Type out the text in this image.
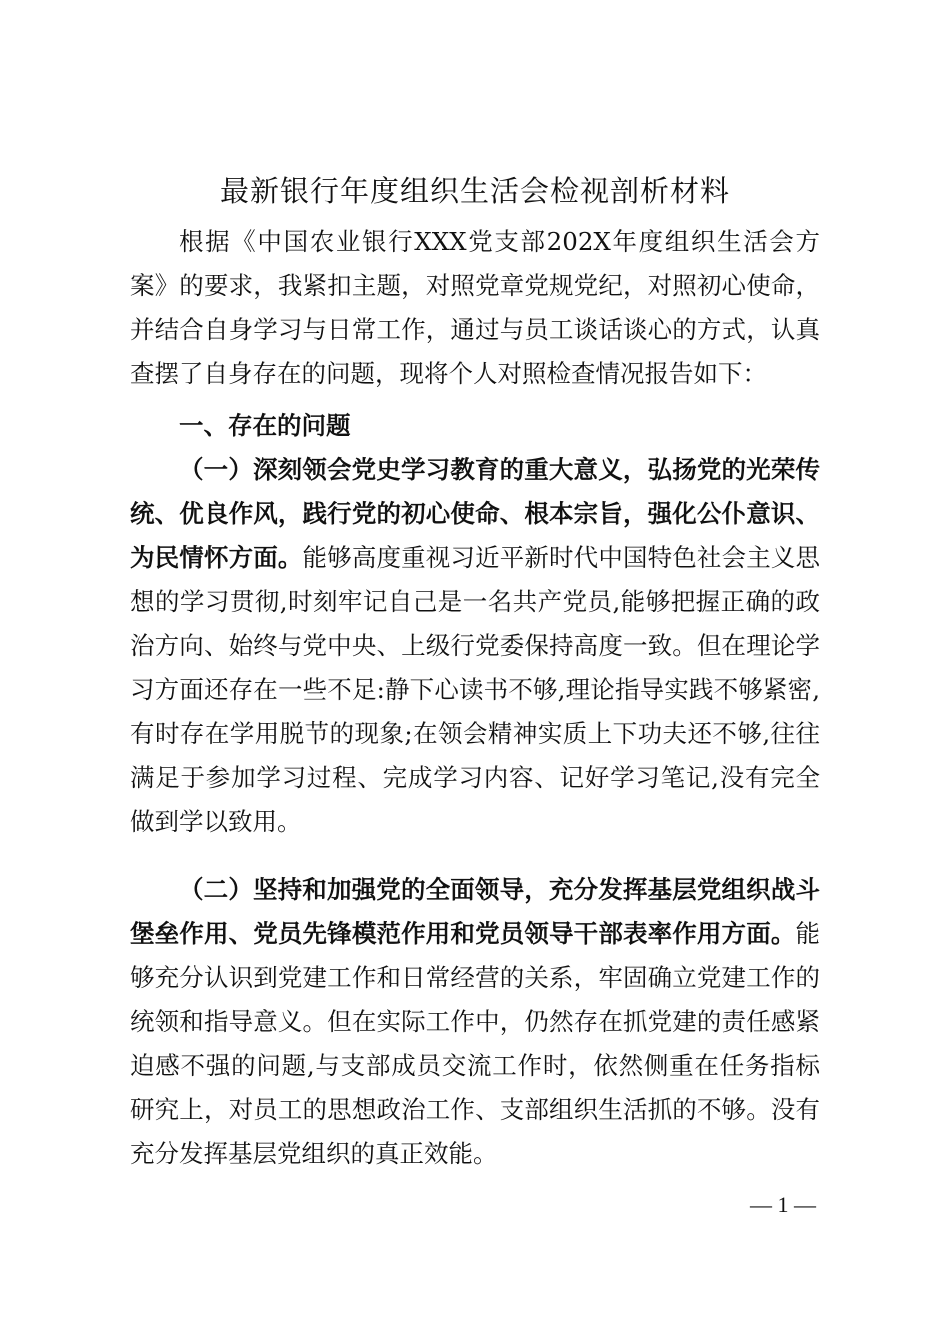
最新银行年度组织生活会检视剖析材料

根据《中国农业银行XXX党支部202X年度组织生活会方案》的要求，我紧扣主题，对照党章党规党纪，对照初心使命，并结合自身学习与日常工作，通过与员工谈话谈心的方式，认真查摆了自身存在的问题，现将个人对照检查情况报告如下：

一、存在的问题

（一）深刻领会党史学习教育的重大意义，弘扬党的光荣传统、优良作风，践行党的初心使命、根本宗旨，强化公仆意识、为民情怀方面。能够高度重视习近平新时代中国特色社会主义思想的学习贯彻,时刻牢记自己是一名共产党员,能够把握正确的政治方向、始终与党中央、上级行党委保持高度一致。但在理论学习方面还存在一些不足:静下心读书不够,理论指导实践不够紧密,有时存在学用脱节的现象;在领会精神实质上下功夫还不够,往往满足于参加学习过程、完成学习内容、记好学习笔记,没有完全做到学以致用。

（二）坚持和加强党的全面领导，充分发挥基层党组织战斗堡垒作用、党员先锋模范作用和党员领导干部表率作用方面。能够充分认识到党建工作和日常经营的关系，牢固确立党建工作的统领和指导意义。但在实际工作中，仍然存在抓党建的责任感紧迫感不强的问题,与支部成员交流工作时，依然侧重在任务指标研究上，对员工的思想政治工作、支部组织生活抓的不够。没有充分发挥基层党组织的真正效能。

— 1 —
